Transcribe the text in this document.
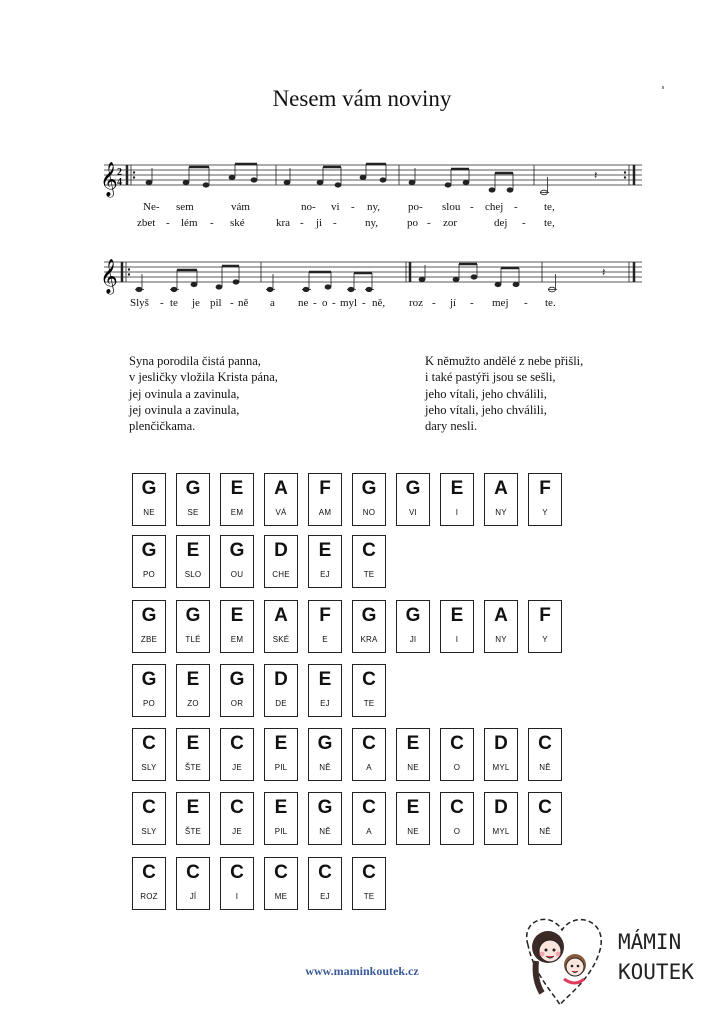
Nesem vám noviny
𝄞 2
4
𝄽
Ne- sem	vám	no- vi - ny,	po- slou - chej - te,
zbet - lém - ské	kra - ji -	ny,	po - zor	dej - te,
𝄞	𝄽
Slyš - te je pil - ně a ne - o - myl - ně, roz - jí - mej - te.
Syna porodila čistá panna,
v jesličky vložila Krista pána,
jej ovinula a zavinula,
jej ovinula a zavinula,
plenčičkama.
K němužto andělé z nebe přišli,
i také pastýři jsou se sešli,
jeho vítali, jeho chválili,
jeho vítali, jeho chválili,
dary nesli.
G
NE
G
SE
E
EM
A
VÁ
F
AM
G
NO
G
VI
E
I
A
NY
F
Y
G
PO
E
SLO
G
OU
D
CHE
E
EJ
C
TE
G
ZBE
G
TLÉ
E
EM
A
SKÉ
F
E
G
KRA
G
JI
E
I
A
NY
F
Y
G
PO
E
ZO
G
OR
D
DE
E
EJ
C
TE
C
SLY
E
ŠTE
C
JE
E
PIL
G
NĚ
C
A
E
NE
C
O
D
MYL
C
NĚ
C
SLY
E
ŠTE
C
JE
E
PIL
G
NĚ
C
A
E
NE
C
O
D
MYL
C
NĚ
C
ROZ
C
JÍ
C
I
C
ME
C
EJ
C
TE
www.maminkoutek.cz
MÁMIN
KOUTEK
